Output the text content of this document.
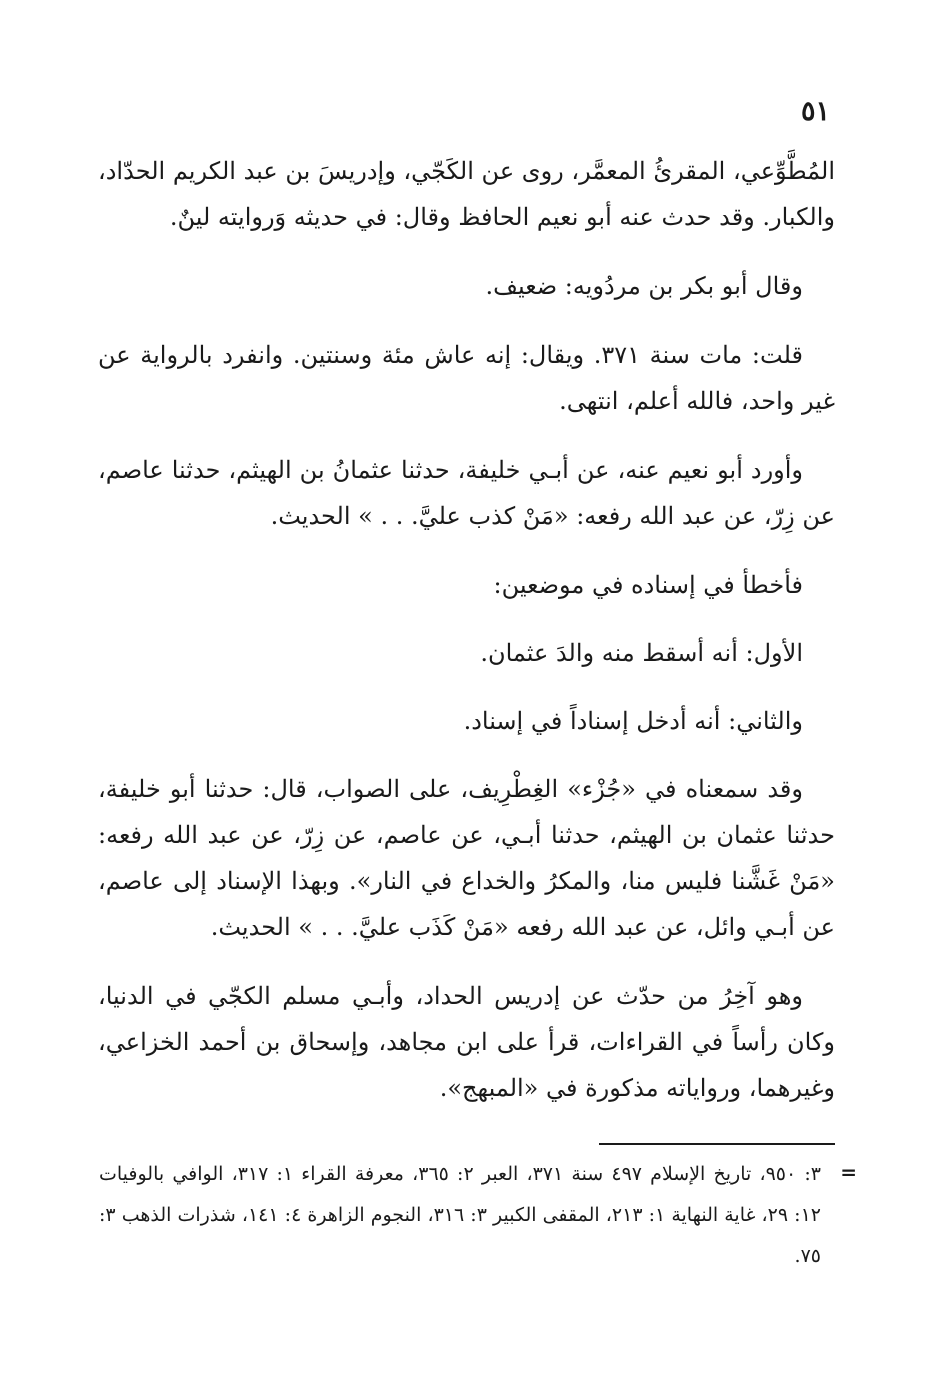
٥١

المُطَّوِّعي، المقرئُ المعمَّر، روى عن الكَجّي، وإدريسَ بن عبد الكريم الحدّاد، والكبار. وقد حدث عنه أبو نعيم الحافظ وقال: في حديثه وَروايته لينٌ.

وقال أبو بكر بن مردُويه: ضعيف.

قلت: مات سنة ٣٧١. ويقال: إنه عاش مئة وسنتين. وانفرد بالرواية عن غير واحد، فالله أعلم، انتهى.

وأورد أبو نعيم عنه، عن أبـي خليفة، حدثنا عثمانُ بن الهيثم، حدثنا عاصم، عن زِرّ، عن عبد الله رفعه: «مَنْ كذب عليَّ. . . » الحديث.

فأخطأ في إسناده في موضعين:

الأول: أنه أسقط منه والدَ عثمان.

والثاني: أنه أدخل إسناداً في إسناد.

وقد سمعناه في «جُزْء» الغِطْرِيف، على الصواب، قال: حدثنا أبو خليفة، حدثنا عثمان بن الهيثم، حدثنا أبـي، عن عاصم، عن زِرّ، عن عبد الله رفعه: «مَنْ غَشَّنا فليس منا، والمكرُ والخداع في النار». وبهذا الإسناد إلى عاصم، عن أبـي وائل، عن عبد الله رفعه «مَنْ كَذَب عليَّ. . . » الحديث.

وهو آخِرُ من حدّث عن إدريس الحداد، وأبـي مسلم الكجّي في الدنيا، وكان رأساً في القراءات، قرأ على ابن مجاهد، وإسحاق بن أحمد الخزاعي، وغيرهما، ورواياته مذكورة في «المبهج».

=
٣: ٩٥٠، تاريخ الإسلام ٤٩٧ سنة ٣٧١، العبر ٢: ٣٦٥، معرفة القراء ١: ٣١٧، الوافي بالوفيات ١٢: ٢٩، غاية النهاية ١: ٢١٣، المقفى الكبير ٣: ٣١٦، النجوم الزاهرة ٤: ١٤١، شذرات الذهب ٣: ٧٥.
